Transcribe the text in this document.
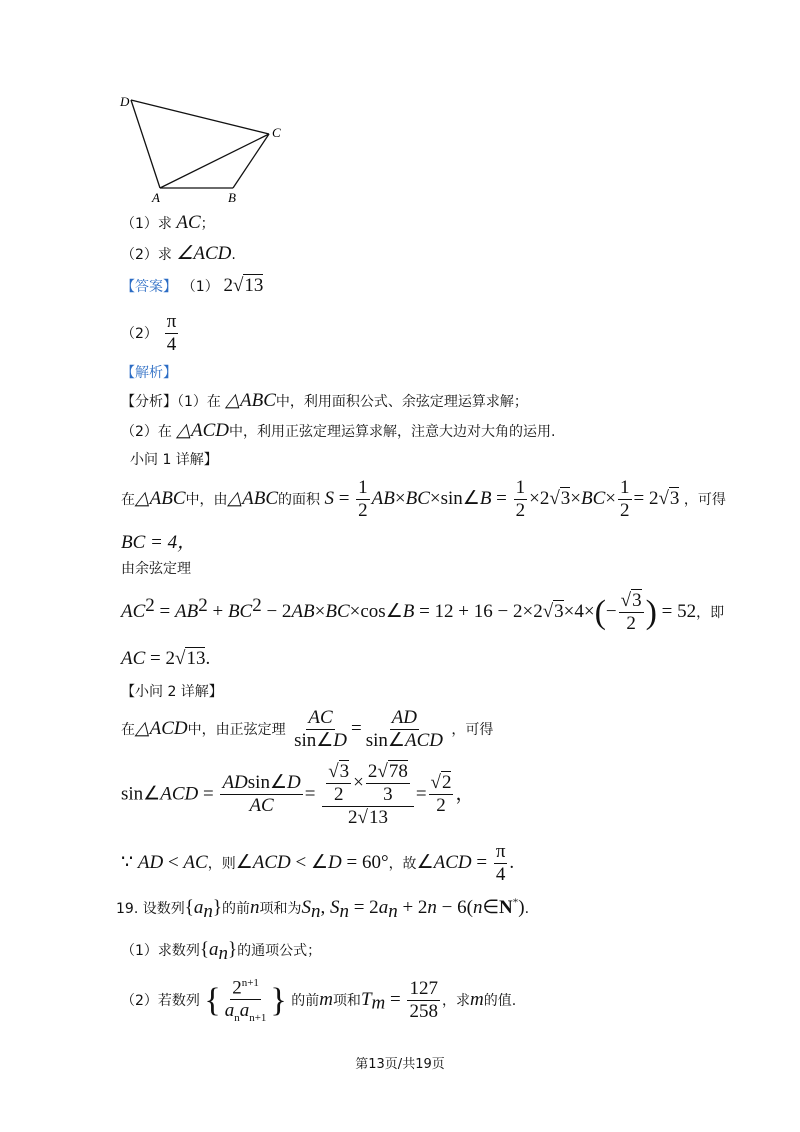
D
C
A	B
（1）求 AC；
（2）求 ∠ACD.
【答案】 （1） 2√13
$(2) \frac{\pi}{4}$
【解析】
【分析】（1）在 △ABC中，利用面积公式、余弦定理运算求解；
（2）在 △ACD中，利用正弦定理运算求解，注意大边对大角的运用.
小问 1 详解】
在△ABC中，由△ABC的面积 $S = \frac{1}{2}$ AB×BC×sin∠B = $\frac{1}{2} \times 2√3\times BC\times \frac{1}{2} = 2√3$ ，可得
BC = 4，
由余弦定理
$AC^2 = AB^2 + BC^2$ − 2AB×BC×cos∠B = $12 + 16 - 2\times 2√3\times 4\times(- \frac{√3}{2}$ ) = 52，即
AC = 2√13.
【小问 2 详解】
在△ACD中，由正弦定理 $\frac{AC}{\sin\angle D} = \frac{AD}{\text{sin∠ACD}}$ ，可得
sin∠ACD = $\frac{ADsin\angle D}{AC} = \frac{\frac{√3}{2} \times \frac{2√78}{3}}{2√13} = \frac{√2}{2}$ ，
∵ AD < AC，则∠ACD < ∠D = 60°，故∠ACD = $\frac{\pi}{4}$ .
19. 设数列$\{a_n\}$的前n项和为$S_n$, $S_n = 2a_n + 2n$ − 6(n∈N*).
（1）求数列$\{a_n\}$的通项公式；
（2）若数列 { $\frac{2^{n+1}}{a_na_{n+1}}$ } 的前m项和$T_m = \frac{127}{258}$ ，求m的值.
第13页/共19页
